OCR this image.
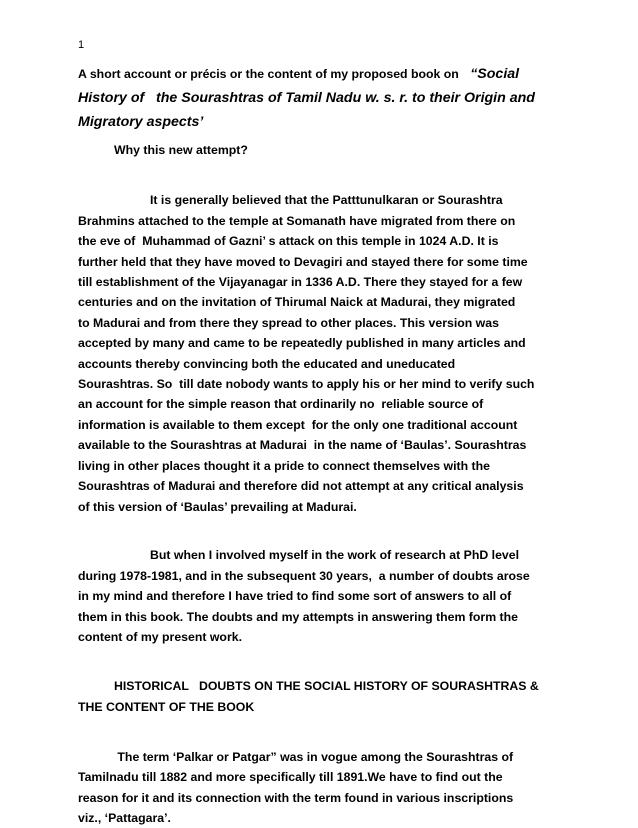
1
A short account or précis or the content of my proposed book on “Social
History of   the Sourashtras of Tamil Nadu w. s. r. to their Origin and
Migratory aspects’
Why this new attempt?

It is generally believed that the Patttunulkaran or Sourashtra
Brahmins attached to the temple at Somanath have migrated from there on
the eve of  Muhammad of Gazni’ s attack on this temple in 1024 A.D. It is
further held that they have moved to Devagiri and stayed there for some time
till establishment of the Vijayanagar in 1336 A.D. There they stayed for a few
centuries and on the invitation of Thirumal Naick at Madurai, they migrated
to Madurai and from there they spread to other places. This version was
accepted by many and came to be repeatedly published in many articles and
accounts thereby convincing both the educated and uneducated
Sourashtras. So  till date nobody wants to apply his or her mind to verify such
an account for the simple reason that ordinarily no  reliable source of
information is available to them except  for the only one traditional account
available to the Sourashtras at Madurai  in the name of ‘Baulas’. Sourashtras
living in other places thought it a pride to connect themselves with the
Sourashtras of Madurai and therefore did not attempt at any critical analysis
of this version of ‘Baulas’ prevailing at Madurai.

But when I involved myself in the work of research at PhD level
during 1978-1981, and in the subsequent 30 years,  a number of doubts arose
in my mind and therefore I have tried to find some sort of answers to all of
them in this book. The doubts and my attempts in answering them form the
content of my present work.

HISTORICAL   DOUBTS ON THE SOCIAL HISTORY OF SOURASHTRAS &
THE CONTENT OF THE BOOK

The term ‘Palkar or Patgar” was in vogue among the Sourashtras of
Tamilnadu till 1882 and more specifically till 1891.We have to find out the
reason for it and its connection with the term found in various inscriptions
viz., ‘Pattagara’.
